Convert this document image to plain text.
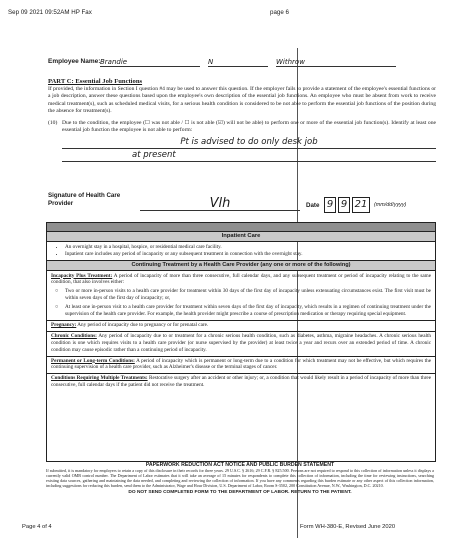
Sep 09 2021 09:52AM HP Fax	page 6
Employee Name: Brandie	N	Withrow
PART C: Essential Job Functions
If provided, the information in Section I question #4 may be used to answer this question. If the employer fails to provide a statement of the employee's essential functions or a job description, answer these questions based upon the employee's own description of the essential job functions. An employee who must be absent from work to receive medical treatment(s), such as scheduled medical visits, for a serious health condition is considered to be not able to perform the essential job functions of the position during the absence for treatment(s).
(10) Due to the condition, the employee (☐ was not able / ☐ is not able (☑) will not be able) to perform one or more of the essential job function(s). Identify at least one essential job function the employee is not able to perform:
Pt is advised to do only desk job
at present
Signature of Health Care Provider	Vlh	Date 9 9 21	(mm/dd/yyyy)
Inpatient Care
• An overnight stay in a hospital, hospice, or residential medical care facility.
• Inpatient care includes any period of incapacity or any subsequent treatment in connection with the overnight stay.
Continuing Treatment by a Health Care Provider (any one or more of the following)
Incapacity Plus Treatment: A period of incapacity of more than three consecutive, full calendar days, and any subsequent treatment or period of incapacity relating to the same condition, that also involves either:
○ Two or more in-person visits to a health care provider for treatment within 30 days of the first day of incapacity unless extenuating circumstances exist. The first visit must be within seven days of the first day of incapacity; or,
○ At least one in-person visit to a health care provider for treatment within seven days of the first day of incapacity, which results in a regimen of continuing treatment under the supervision of the health care provider. For example, the health provider might prescribe a course of prescription medication or therapy requiring special equipment.
Pregnancy: Any period of incapacity due to pregnancy or for prenatal care.
Chronic Conditions: Any period of incapacity due to or treatment for a chronic serious health condition, such as diabetes, asthma, migraine headaches. A chronic serious health condition is one which requires visits to a health care provider (or nurse supervised by the provider) at least twice a year and recurs over an extended period of time. A chronic condition may cause episodic rather than a continuing period of incapacity.
Permanent or Long-term Conditions: A period of incapacity which is permanent or long-term due to a condition for which treatment may not be effective, but which requires the continuing supervision of a health care provider, such as Alzheimer's disease or the terminal stages of cancer.
Conditions Requiring Multiple Treatments: Restorative surgery after an accident or other injury; or, a condition that would likely result in a period of incapacity of more than three consecutive, full calendar days if the patient did not receive the treatment.
PAPERWORK REDUCTION ACT NOTICE AND PUBLIC BURDEN STATEMENT
If submitted, it is mandatory for employers to retain a copy of this disclosure in their records for three years. 29 U.S.C. § 2616; 29 C.F.R. § 825.500. Persons are not required to respond to this collection of information unless it displays a currently valid OMB control number. The Department of Labor estimates that it will take an average of 15 minutes for respondents to complete this collection of information, including the time for reviewing instructions, searching existing data sources, gathering and maintaining the data needed, and completing and reviewing the collection of information. If you have any comments regarding this burden estimate or any other aspect of this collection information, including suggestions for reducing this burden, send them to the Administrator, Wage and Hour Division, U.S. Department of Labor, Room S-3502, 200 Constitution Avenue, N.W., Washington, D.C. 20210.
DO NOT SEND COMPLETED FORM TO THE DEPARTMENT OF LABOR. RETURN TO THE PATIENT.
Page 4 of 4	Form WH-380-E, Revised June 2020
